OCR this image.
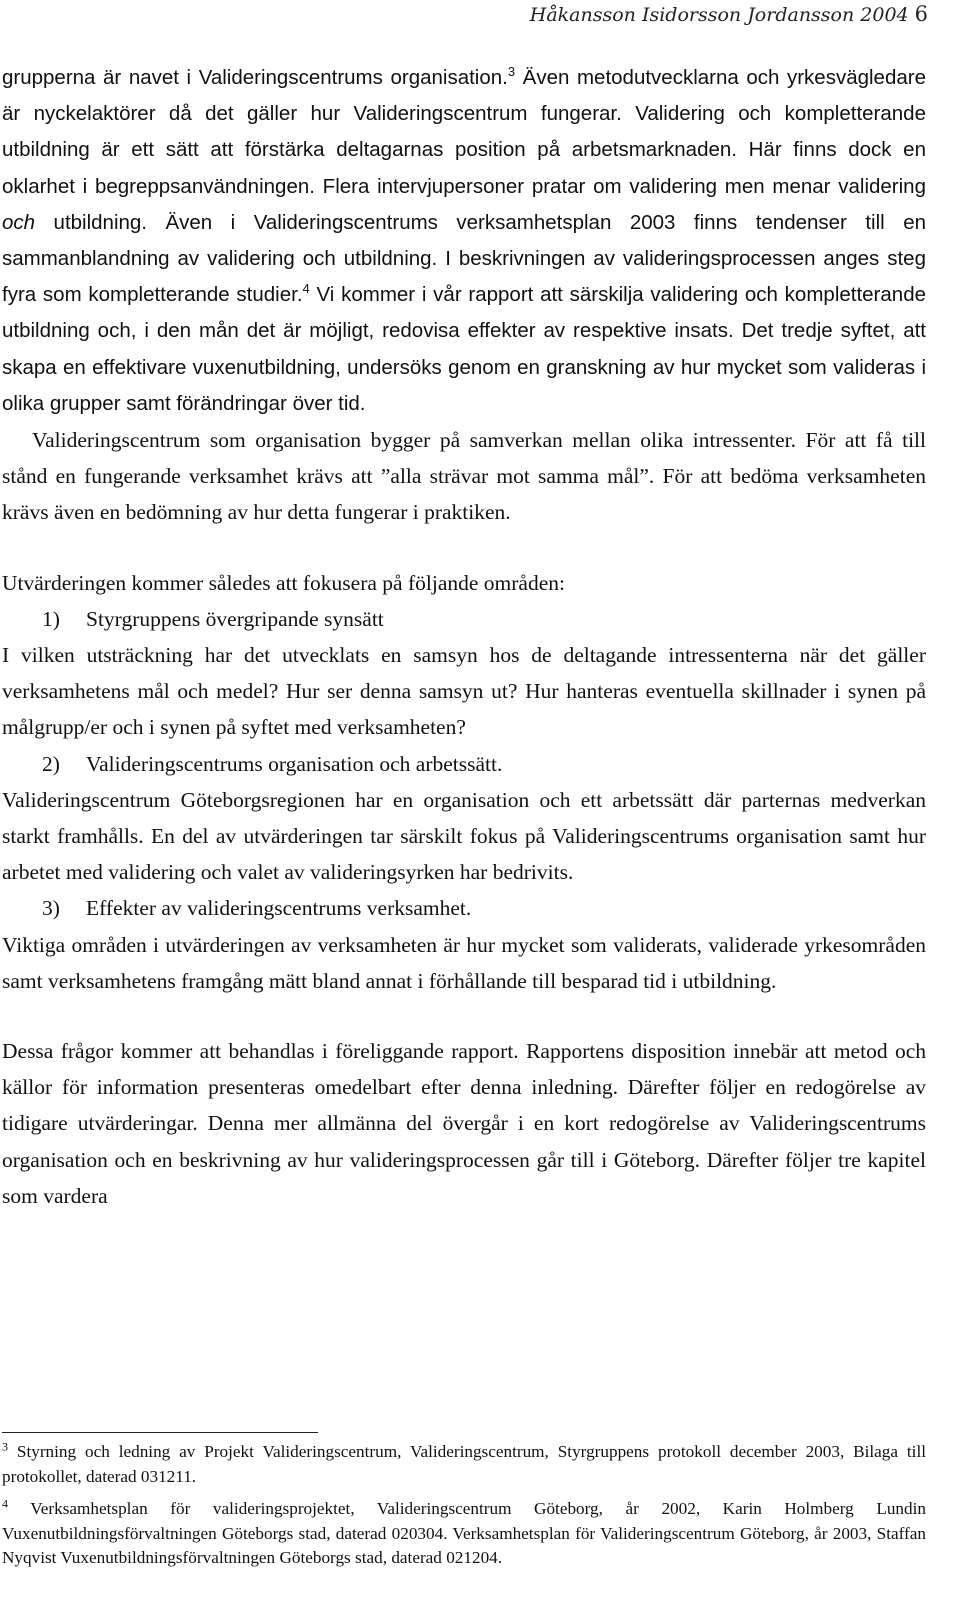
Håkansson Isidorsson Jordansson 2004 6

grupperna är navet i Valideringscentrums organisation.$^3$ Även metodutvecklarna och yrkesvägledare är nyckelaktörer då det gäller hur Valideringscentrum fungerar. Validering och kompletterande utbildning är ett sätt att förstärka deltagarnas position på arbetsmarknaden. Här finns dock en oklarhet i begreppsanvändningen. Flera intervjupersoner pratar om validering men menar validering och utbildning. Även i Valideringscentrums verksamhetsplan 2003 finns tendenser till en sammanblandning av validering och utbildning. I beskrivningen av valideringsprocessen anges steg fyra som kompletterande studier.$^4$ Vi kommer i vår rapport att särskilja validering och kompletterande utbildning och, i den mån det är möjligt, redovisa effekter av respektive insats. Det tredje syftet, att skapa en effektivare vuxenutbildning, undersöks genom en granskning av hur mycket som valideras i olika grupper samt förändringar över tid.

Valideringscentrum som organisation bygger på samverkan mellan olika intressenter. För att få till stånd en fungerande verksamhet krävs att ”alla strävar mot samma mål”. För att bedöma verksamheten krävs även en bedömning av hur detta fungerar i praktiken.

Utvärderingen kommer således att fokusera på följande områden:

1) Styrgruppens övergripande synsätt

I vilken utsträckning har det utvecklats en samsyn hos de deltagande intressenterna när det gäller verksamhetens mål och medel? Hur ser denna samsyn ut? Hur hanteras eventuella skillnader i synen på målgrupp/er och i synen på syftet med verksamheten?

2) Valideringscentrums organisation och arbetssätt.

Valideringscentrum Göteborgsregionen har en organisation och ett arbetssätt där parternas medverkan starkt framhålls. En del av utvärderingen tar särskilt fokus på Valideringscentrums organisation samt hur arbetet med validering och valet av valideringsyrken har bedrivits.

3) Effekter av valideringscentrums verksamhet.

Viktiga områden i utvärderingen av verksamheten är hur mycket som validerats, validerade yrkesområden samt verksamhetens framgång mätt bland annat i förhållande till besparad tid i utbildning.

Dessa frågor kommer att behandlas i föreliggande rapport. Rapportens disposition innebär att metod och källor för information presenteras omedelbart efter denna inledning. Därefter följer en redogörelse av tidigare utvärderingar. Denna mer allmänna del övergår i en kort redogörelse av Valideringscentrums organisation och en beskrivning av hur valideringsprocessen går till i Göteborg. Därefter följer tre kapitel som vardera

$^3$ Styrning och ledning av Projekt Valideringscentrum, Valideringscentrum, Styrgruppens protokoll december 2003, Bilaga till protokollet, daterad 031211.

$^4$ Verksamhetsplan för valideringsprojektet, Valideringscentrum Göteborg, år 2002, Karin Holmberg Lundin Vuxenutbildningsförvaltningen Göteborgs stad, daterad 020304. Verksamhetsplan för Valideringscentrum Göteborg, år 2003, Staffan Nyqvist Vuxenutbildningsförvaltningen Göteborgs stad, daterad 021204.
